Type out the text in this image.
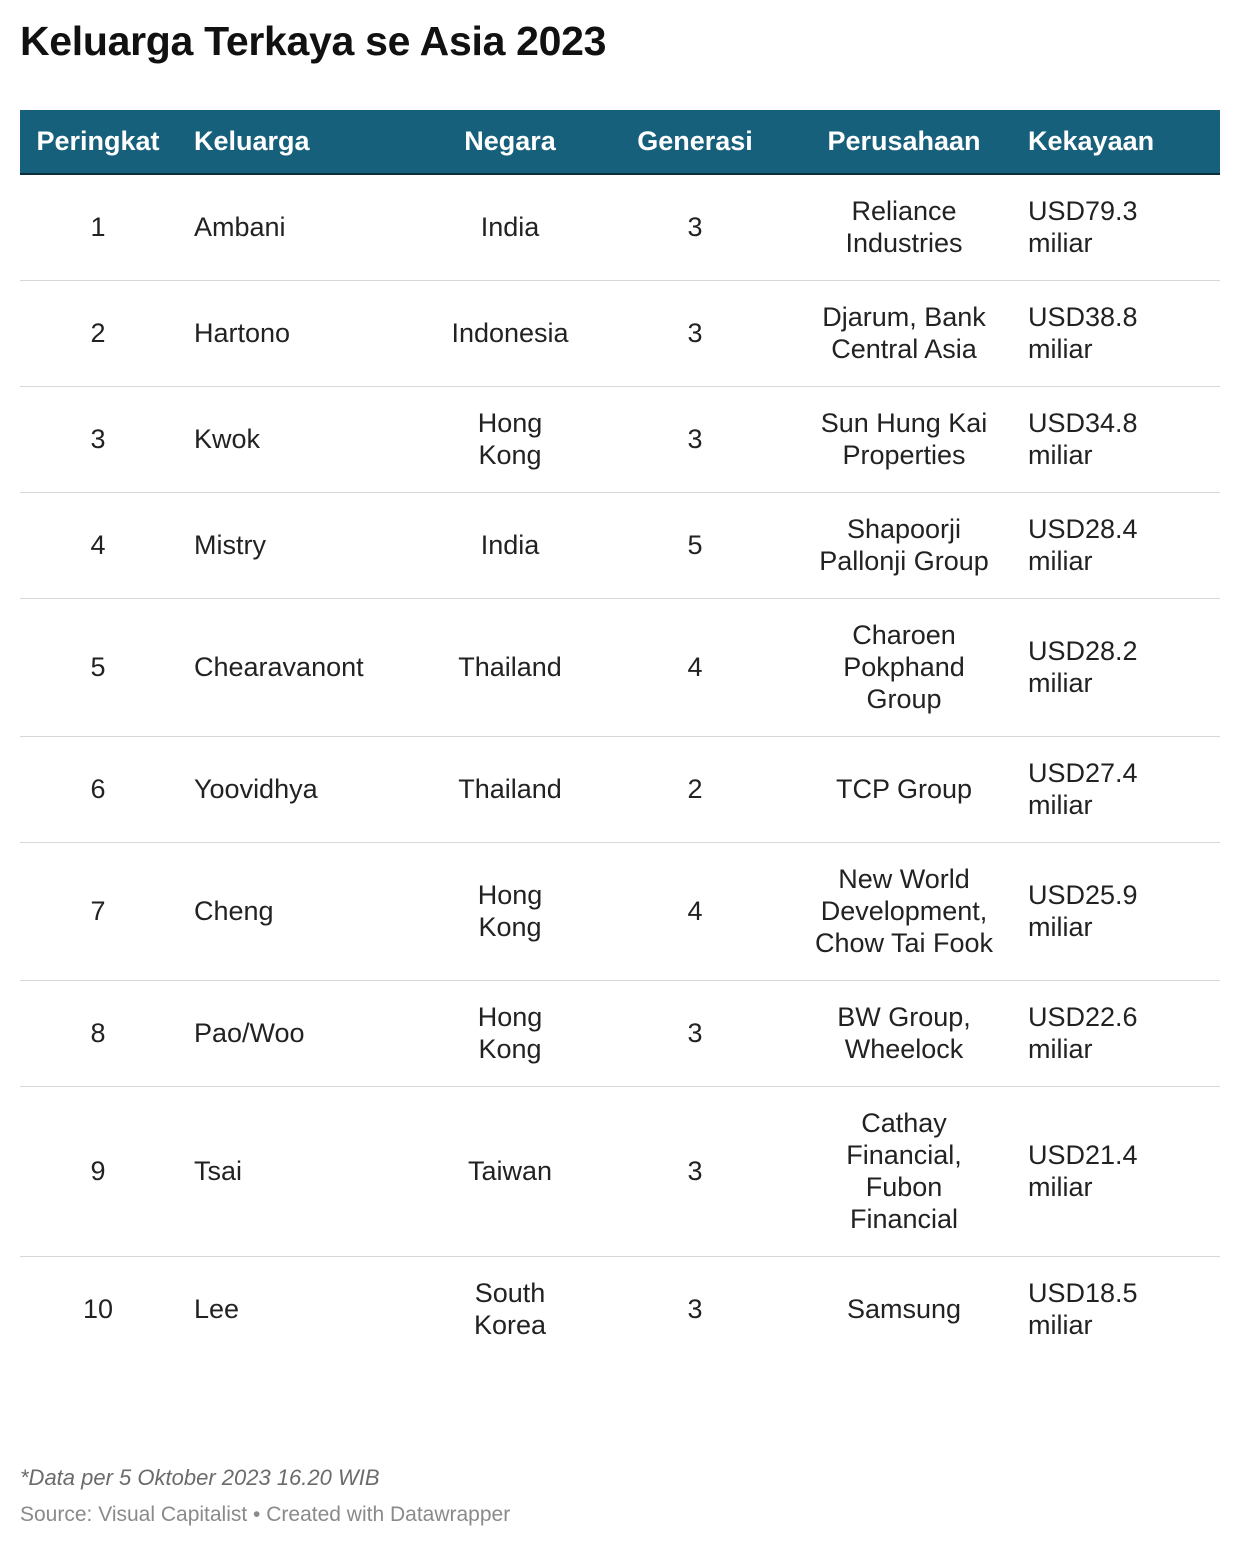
Keluarga Terkaya se Asia 2023
Peringkat	Keluarga	Negara	Generasi	Perusahaan	Kekayaan
1	Ambani	India	3	Reliance Industries	USD79.3 miliar
2	Hartono	Indonesia	3	Djarum, Bank Central Asia	USD38.8 miliar
3	Kwok	Hong Kong	3	Sun Hung Kai Properties	USD34.8 miliar
4	Mistry	India	5	Shapoorji Pallonji Group	USD28.4 miliar
5	Chearavanont	Thailand	4	Charoen Pokphand Group	USD28.2 miliar
6	Yoovidhya	Thailand	2	TCP Group	USD27.4 miliar
7	Cheng	Hong Kong	4	New World Development, Chow Tai Fook	USD25.9 miliar
8	Pao/Woo	Hong Kong	3	BW Group, Wheelock	USD22.6 miliar
9	Tsai	Taiwan	3	Cathay Financial, Fubon Financial	USD21.4 miliar
10	Lee	South Korea	3	Samsung	USD18.5 miliar

*Data per 5 Oktober 2023 16.20 WIB

Source: Visual Capitalist • Created with Datawrapper
